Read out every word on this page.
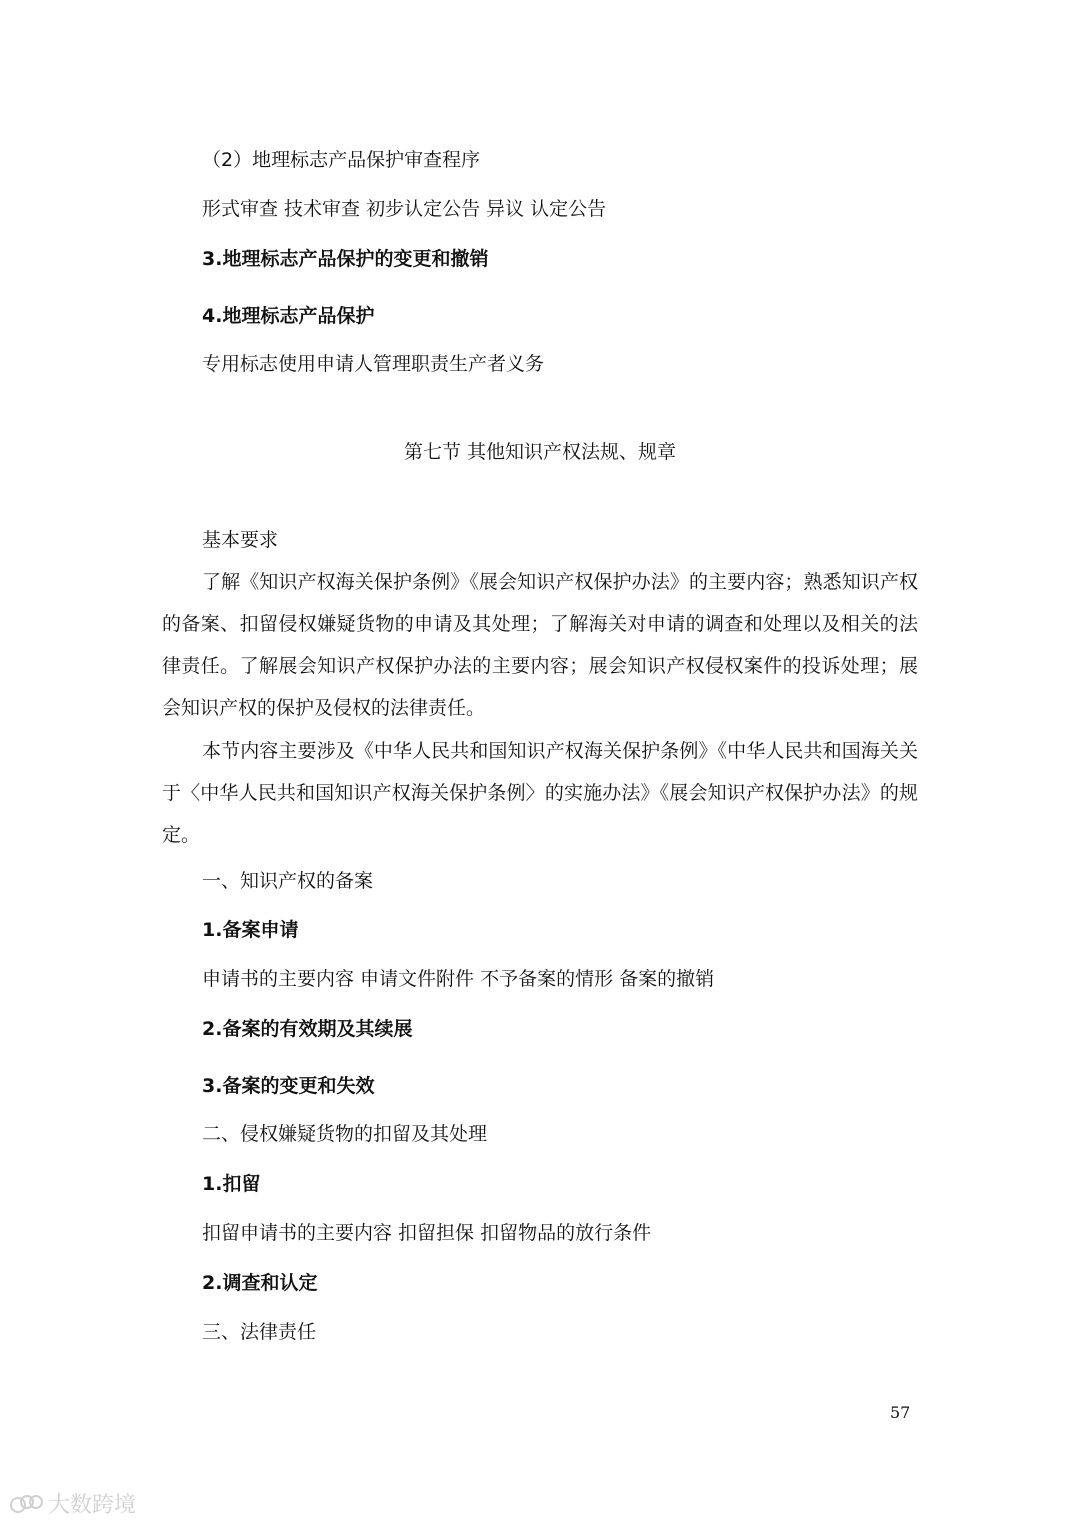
（2）地理标志产品保护审查程序
形式审查 技术审查 初步认定公告 异议 认定公告
3.地理标志产品保护的变更和撤销
4.地理标志产品保护
专用标志使用申请人管理职责生产者义务
第七节 其他知识产权法规、规章
基本要求
了解《知识产权海关保护条例》《展会知识产权保护办法》的主要内容；熟悉知识产权的备案、扣留侵权嫌疑货物的申请及其处理；了解海关对申请的调查和处理以及相关的法律责任。了解展会知识产权保护办法的主要内容；展会知识产权侵权案件的投诉处理；展会知识产权的保护及侵权的法律责任。
本节内容主要涉及《中华人民共和国知识产权海关保护条例》《中华人民共和国海关关于〈中华人民共和国知识产权海关保护条例〉的实施办法》《展会知识产权保护办法》的规定。
一、知识产权的备案
1.备案申请
申请书的主要内容 申请文件附件 不予备案的情形 备案的撤销
2.备案的有效期及其续展
3.备案的变更和失效
二、侵权嫌疑货物的扣留及其处理
1.扣留
扣留申请书的主要内容 扣留担保 扣留物品的放行条件
2.调查和认定
三、法律责任
57
大数跨境
